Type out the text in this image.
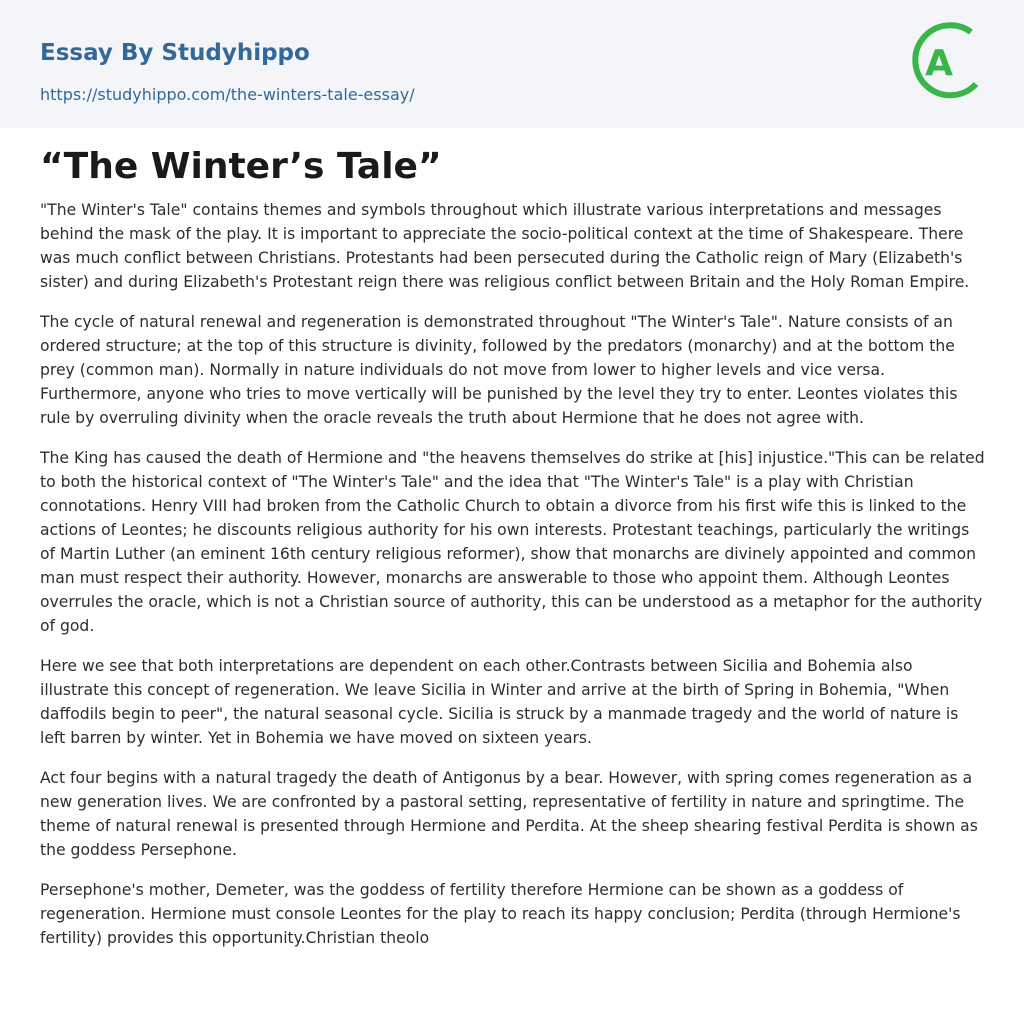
Essay By Studyhippo
https://studyhippo.com/the-winters-tale-essay/
A
“The Winter’s Tale”

"The Winter's Tale" contains themes and symbols throughout which illustrate various interpretations and messages behind the mask of the play. It is important to appreciate the socio-political context at the time of Shakespeare. There was much conflict between Christians. Protestants had been persecuted during the Catholic reign of Mary (Elizabeth's sister) and during Elizabeth's Protestant reign there was religious conflict between Britain and the Holy Roman Empire.

The cycle of natural renewal and regeneration is demonstrated throughout "The Winter's Tale". Nature consists of an ordered structure; at the top of this structure is divinity, followed by the predators (monarchy) and at the bottom the prey (common man). Normally in nature individuals do not move from lower to higher levels and vice versa. Furthermore, anyone who tries to move vertically will be punished by the level they try to enter. Leontes violates this rule by overruling divinity when the oracle reveals the truth about Hermione that he does not agree with.

The King has caused the death of Hermione and "the heavens themselves do strike at [his] injustice."This can be related to both the historical context of "The Winter's Tale" and the idea that "The Winter's Tale" is a play with Christian connotations. Henry VIII had broken from the Catholic Church to obtain a divorce from his first wife this is linked to the actions of Leontes; he discounts religious authority for his own interests. Protestant teachings, particularly the writings of Martin Luther (an eminent 16th century religious reformer), show that monarchs are divinely appointed and common man must respect their authority. However, monarchs are answerable to those who appoint them. Although Leontes overrules the oracle, which is not a Christian source of authority, this can be understood as a metaphor for the authority of god.

Here we see that both interpretations are dependent on each other.Contrasts between Sicilia and Bohemia also illustrate this concept of regeneration. We leave Sicilia in Winter and arrive at the birth of Spring in Bohemia, "When daffodils begin to peer", the natural seasonal cycle. Sicilia is struck by a manmade tragedy and the world of nature is left barren by winter. Yet in Bohemia we have moved on sixteen years.

Act four begins with a natural tragedy the death of Antigonus by a bear. However, with spring comes regeneration as a new generation lives. We are confronted by a pastoral setting, representative of fertility in nature and springtime. The theme of natural renewal is presented through Hermione and Perdita. At the sheep shearing festival Perdita is shown as the goddess Persephone.

Persephone's mother, Demeter, was the goddess of fertility therefore Hermione can be shown as a goddess of regeneration. Hermione must console Leontes for the play to reach its happy conclusion; Perdita (through Hermione's fertility) provides this opportunity.Christian theolo
